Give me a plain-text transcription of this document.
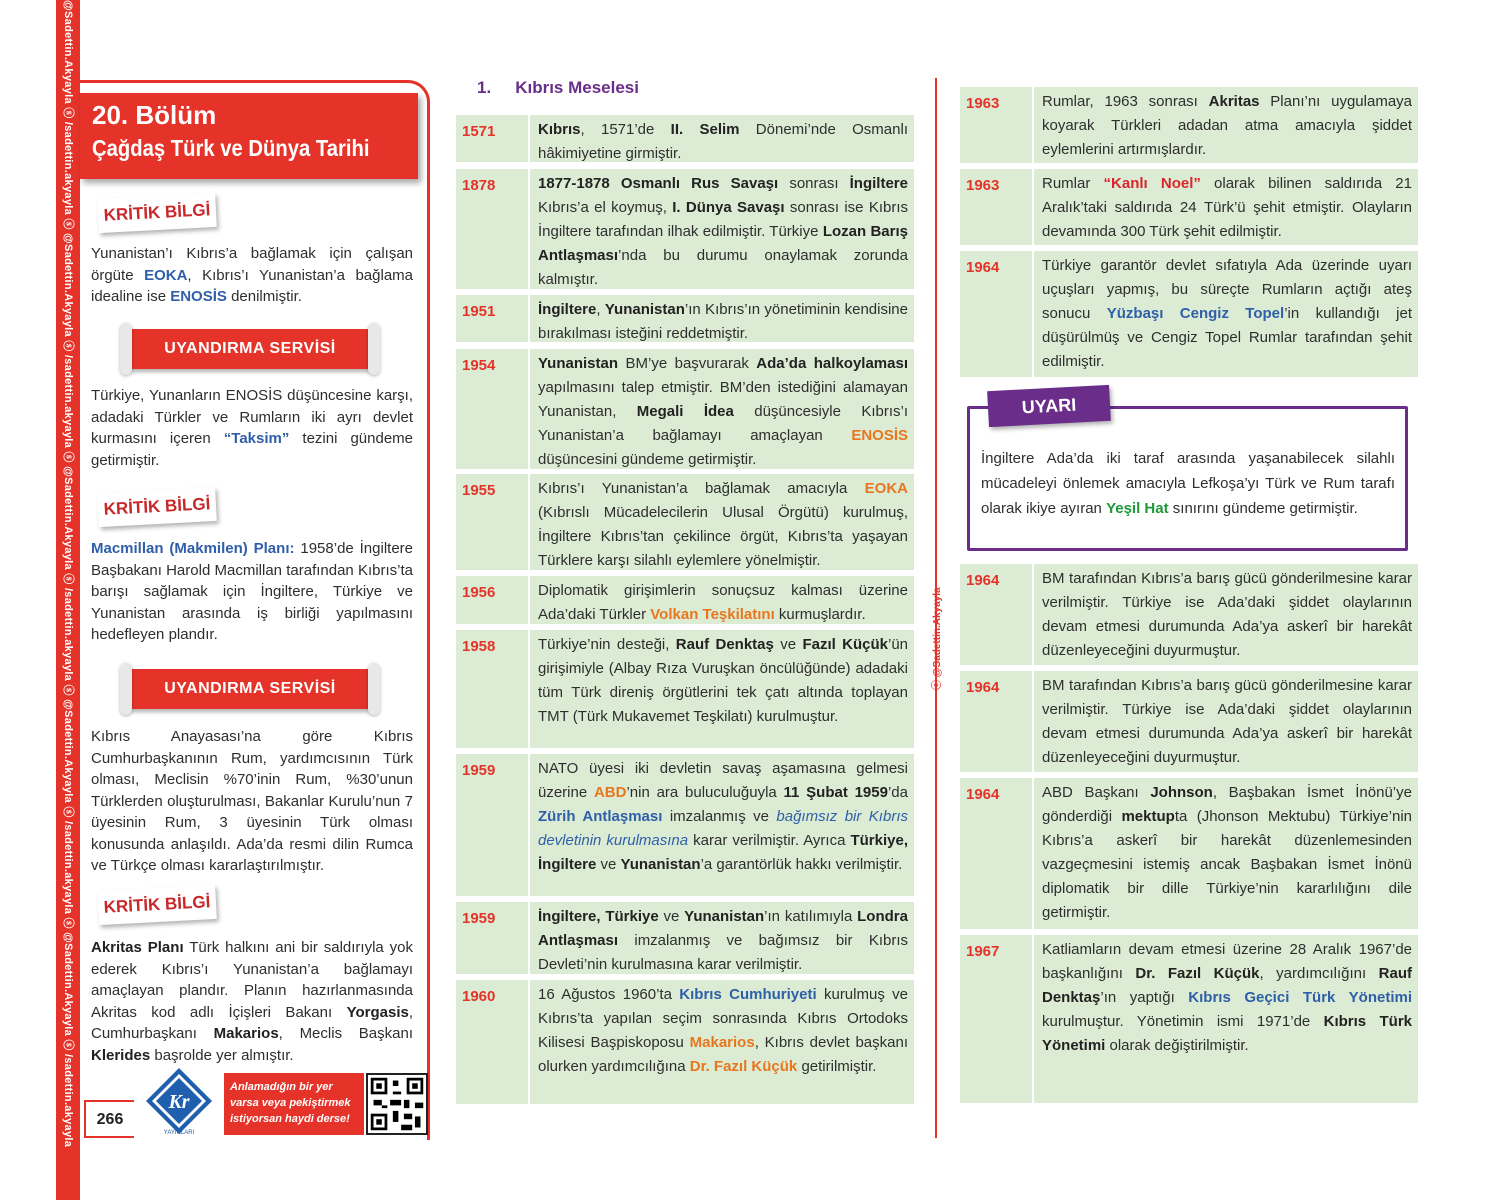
@Sadettin.Akyayla ⓢ /sadettin.akyayla ⓢ @Sadettin.Akyayla ⓢ /sadettin.akyayla ⓢ @Sadettin.Akyayla ⓢ /sadettin.akyayla ⓢ @Sadettin.Akyayla ⓢ /sadettin.akyayla ⓢ @Sadettin.Akyayla ⓢ /sadettin.akyayla 20. Bölüm
Çağdaş Türk ve Dünya Tarihi
KRİTİK BİLGİ
Yunanistan’ı Kıbrıs’a bağlamak için çalışan örgüte EOKA, Kıbrıs’ı Yunanistan’a bağlama idealine ise ENOSİS denilmiştir.
UYANDIRMA SERVİSİ
Türkiye, Yunanların ENOSİS düşüncesine karşı, adadaki Türkler ve Rumların iki ayrı devlet kurmasını içeren “Taksim” tezini gündeme getirmiştir.
KRİTİK BİLGİ
Macmillan (Makmilen) Planı: 1958’de İngiltere Başbakanı Harold Macmillan tarafından Kıbrıs’ta barışı sağlamak için İngiltere, Türkiye ve Yunanistan arasında iş birliği yapılmasını hedefleyen plandır.
UYANDIRMA SERVİSİ
Kıbrıs Anayasası’na göre Kıbrıs Cumhurbaşkanının Rum, yardımcısının Türk olması, Meclisin %70’inin Rum, %30’unun Türklerden oluşturulması, Bakanlar Kurulu’nun 7 üyesinin Rum, 3 üyesinin Türk olması konusunda anlaşıldı. Ada’da resmi dilin Rumca ve Türkçe olması kararlaştırılmıştır.
KRİTİK BİLGİ
Akritas Planı Türk halkını ani bir saldırıyla yok ederek Kıbrıs’ı Yunanistan’a bağlamayı amaçlayan plandır. Planın hazırlanmasında Akritas kod adlı İçişleri Bakanı Yorgasis, Cumhurbaşkanı Makarios, Meclis Başkanı Klerides başrolde yer almıştır.
266
Kr
YAYINLARI
Anlamadığın bir yer varsa veya pekiştirmek istiyorsan haydi derse!
1. Kıbrıs Meselesi
1571	Kıbrıs, 1571’de II. Selim Dönemi’nde Osmanlı hâkimiyetine girmiştir.
1878	1877-1878 Osmanlı Rus Savaşı sonrası İngiltere Kıbrıs’a el koymuş, I. Dünya Savaşı sonrası ise Kıbrıs İngiltere tarafından ilhak edilmiştir. Türkiye Lozan Barış Antlaşması’nda bu durumu onaylamak zorunda kalmıştır.
1951	İngiltere, Yunanistan’ın Kıbrıs’ın yönetiminin kendisine bırakılması isteğini reddetmiştir.
1954	Yunanistan BM’ye başvurarak Ada’da halkoylaması yapılmasını talep etmiştir. BM’den istediğini alamayan Yunanistan, Megali İdea düşüncesiyle Kıbrıs’ı Yunanistan’a bağlamayı amaçlayan ENOSİS düşüncesini gündeme getirmiştir.
1955	Kıbrıs’ı Yunanistan’a bağlamak amacıyla EOKA (Kıbrıslı Mücadelecilerin Ulusal Örgütü) kurulmuş, İngiltere Kıbrıs’tan çekilince örgüt, Kıbrıs’ta yaşayan Türklere karşı silahlı eylemlere yönelmiştir.
1956	Diplomatik girişimlerin sonuçsuz kalması üzerine Ada’daki Türkler Volkan Teşkilatını kurmuşlardır.
1958	Türkiye’nin desteği, Rauf Denktaş ve Fazıl Küçük’ün girişimiyle (Albay Rıza Vuruşkan öncülüğünde) adadaki tüm Türk direniş örgütlerini tek çatı altında toplayan TMT (Türk Mukavemet Teşkilatı) kurulmuştur.
1959	NATO üyesi iki devletin savaş aşamasına gelmesi üzerine ABD’nin ara buluculuğuyla 11 Şubat 1959’da Zürih Antlaşması imzalanmış ve bağımsız bir Kıbrıs devletinin kurulmasına karar verilmiştir. Ayrıca Türkiye, İngiltere ve Yunanistan’a garantörlük hakkı verilmiştir.
1959	İngiltere, Türkiye ve Yunanistan’ın katılımıyla Londra Antlaşması imzalanmış ve bağımsız bir Kıbrıs Devleti’nin kurulmasına karar verilmiştir.
1960	16 Ağustos 1960’ta Kıbrıs Cumhuriyeti kurulmuş ve Kıbrıs’ta yapılan seçim sonrasında Kıbrıs Ortodoks Kilisesi Başpiskoposu Makarios, Kıbrıs devlet başkanı olurken yardımcılığına Dr. Fazıl Küçük getirilmiştir.
ⓢ @Sadettin.Akyayla
1963	Rumlar, 1963 sonrası Akritas Planı’nı uygulamaya koyarak Türkleri adadan atma amacıyla şiddet eylemlerini artırmışlardır.
1963	Rumlar “Kanlı Noel” olarak bilinen saldırıda 21 Aralık’taki saldırıda 24 Türk’ü şehit etmiştir. Olayların devamında 300 Türk şehit edilmiştir.
1964	Türkiye garantör devlet sıfatıyla Ada üzerinde uyarı uçuşları yapmış, bu süreçte Rumların açtığı ateş sonucu Yüzbaşı Cengiz Topel’in kullandığı jet düşürülmüş ve Cengiz Topel Rumlar tarafından şehit edilmiştir.
1964	BM tarafından Kıbrıs’a barış gücü gönderilmesine karar verilmiştir. Türkiye ise Ada’daki şiddet olaylarının devam etmesi durumunda Ada’ya askerî bir harekât düzenleyeceğini duyurmuştur.
1964	BM tarafından Kıbrıs’a barış gücü gönderilmesine karar verilmiştir. Türkiye ise Ada’daki şiddet olaylarının devam etmesi durumunda Ada’ya askerî bir harekât düzenleyeceğini duyurmuştur.
1964	ABD Başkanı Johnson, Başbakan İsmet İnönü’ye gönderdiği mektupta (Jhonson Mektubu) Türkiye’nin Kıbrıs’a askerî bir harekât düzenlemesinden vazgeçmesini istemiş ancak Başbakan İsmet İnönü diplomatik bir dille Türkiye’nin kararlılığını dile getirmiştir.
1967	Katliamların devam etmesi üzerine 28 Aralık 1967’de başkanlığını Dr. Fazıl Küçük, yardımcılığını Rauf Denktaş’ın yaptığı Kıbrıs Geçici Türk Yönetimi kurulmuştur. Yönetimin ismi 1971’de Kıbrıs Türk Yönetimi olarak değiştirilmiştir.
UYARI
İngiltere Ada’da iki taraf arasında yaşanabilecek silahlı mücadeleyi önlemek amacıyla Lefkoşa’yı Türk ve Rum tarafı olarak ikiye ayıran Yeşil Hat sınırını gündeme getirmiştir.
